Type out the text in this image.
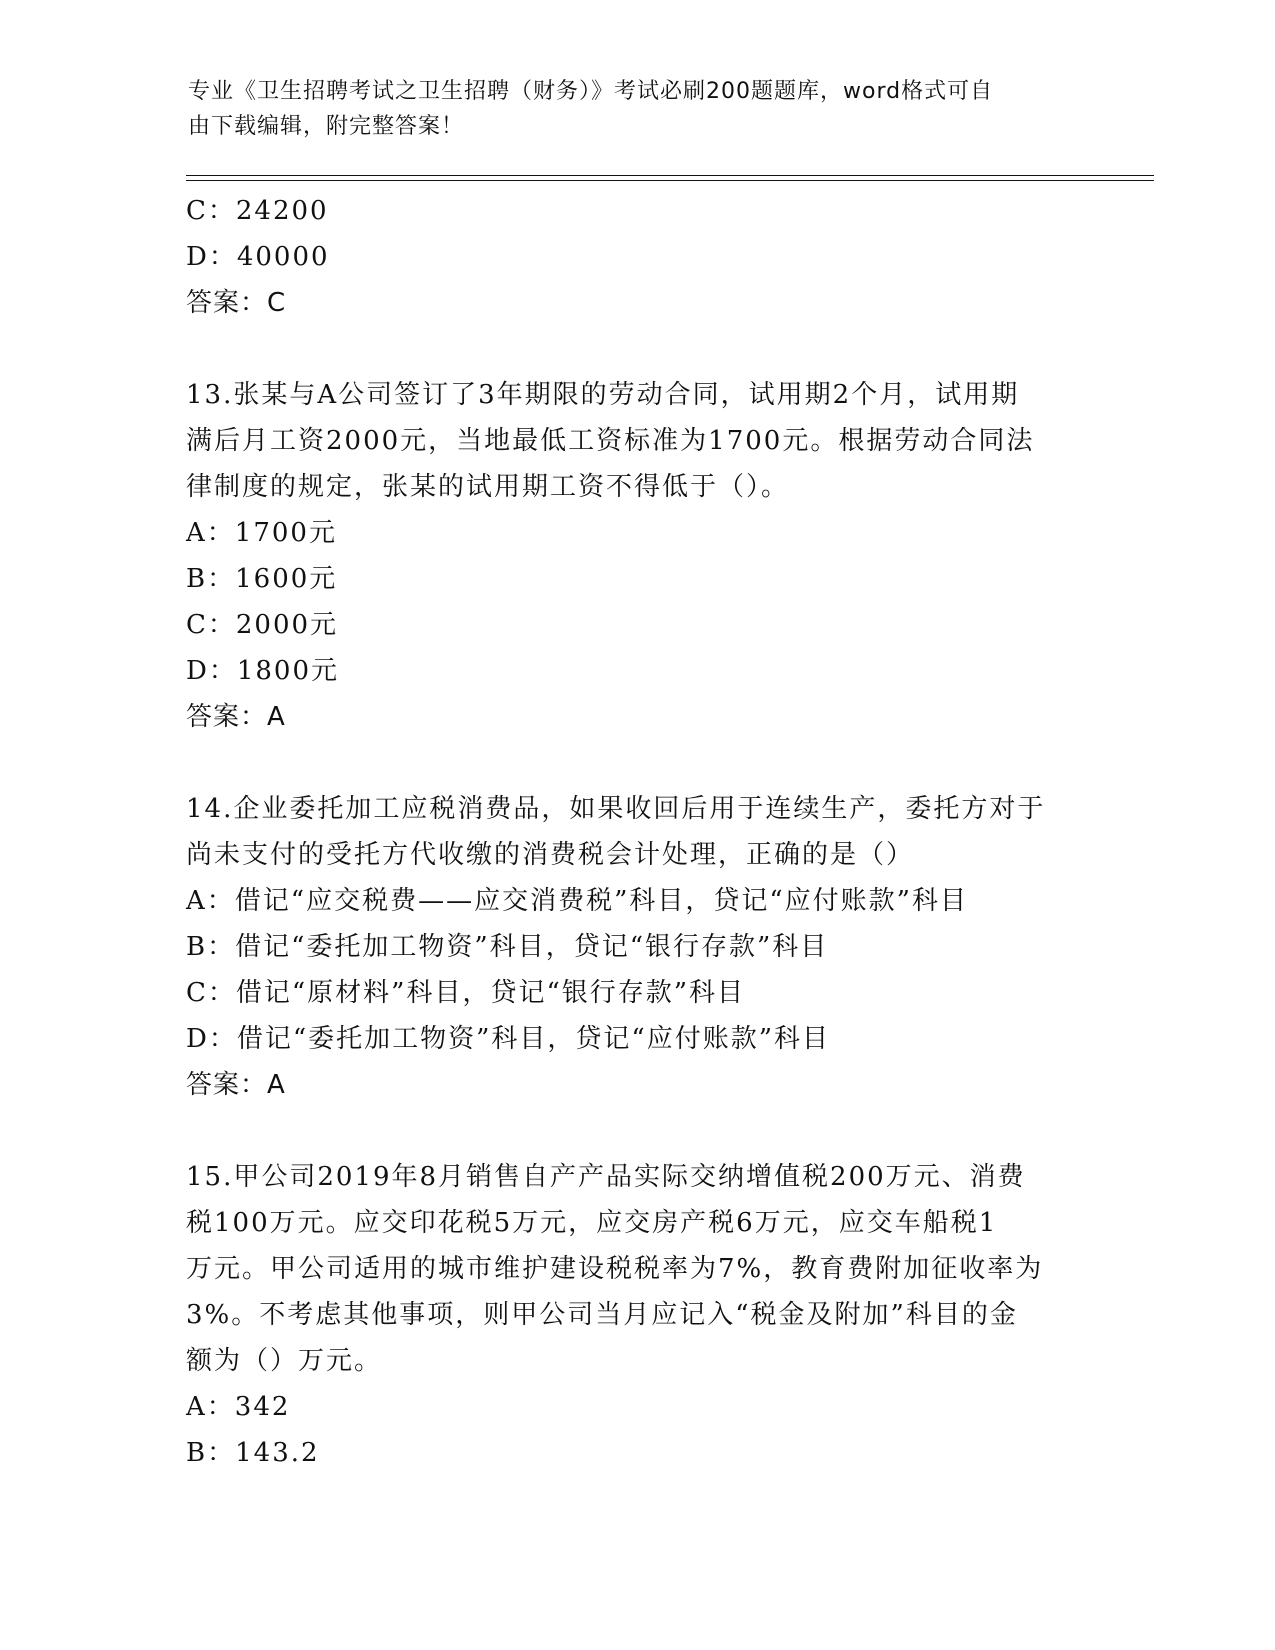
专业《卫生招聘考试之卫生招聘（财务）》考试必刷200题题库，word格式可自
由下载编辑，附完整答案！
C：24200
D：40000
答案：C
13.张某与A公司签订了3年期限的劳动合同，试用期2个月，试用期
满后月工资2000元，当地最低工资标准为1700元。根据劳动合同法
律制度的规定，张某的试用期工资不得低于（）。
A：1700元
B：1600元
C：2000元
D：1800元
答案：A
14.企业委托加工应税消费品，如果收回后用于连续生产，委托方对于
尚未支付的受托方代收缴的消费税会计处理，正确的是（）
A：借记“应交税费——应交消费税”科目，贷记“应付账款”科目
B：借记“委托加工物资”科目，贷记“银行存款”科目
C：借记“原材料”科目，贷记“银行存款”科目
D：借记“委托加工物资”科目，贷记“应付账款”科目
答案：A
15.甲公司2019年8月销售自产产品实际交纳增值税200万元、消费
税100万元。应交印花税5万元，应交房产税6万元，应交车船税1
万元。甲公司适用的城市维护建设税税率为7%，教育费附加征收率为
3%。不考虑其他事项，则甲公司当月应记入“税金及附加”科目的金
额为（）万元。
A：342
B：143.2
